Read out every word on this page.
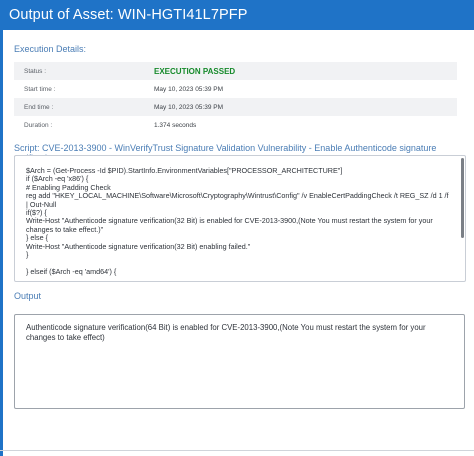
Output of Asset: WIN-HGTI41L7PFP
Execution Details:
Status :	EXECUTION PASSED
Start time :	May 10, 2023 05:39 PM
End time :	May 10, 2023 05:39 PM
Duration :	1.374 seconds
Script: CVE-2013-3900 - WinVerifyTrust Signature Validation Vulnerability - Enable Authenticode signature
$Arch = (Get-Process -Id $PID).StartInfo.EnvironmentVariables["PROCESSOR_ARCHITECTURE"]
if ($Arch -eq 'x86') {
# Enabling Padding Check
reg add "HKEY_LOCAL_MACHINE\Software\Microsoft\Cryptography\Wintrust\Config" /v EnableCertPaddingCheck /t REG_SZ /d 1 /f | Out-Null
if($?) {
Write-Host "Authenticode signature verification(32 Bit) is enabled for CVE-2013-3900,(Note You must restart the system for your changes to take effect.)"
} else {
Write-Host "Authenticode signature verification(32 Bit) enabling failed."
}

} elseif ($Arch -eq 'amd64') {

Output
Authenticode signature verification(64 Bit) is enabled for CVE-2013-3900,(Note You must restart the system for your changes to take effect)
